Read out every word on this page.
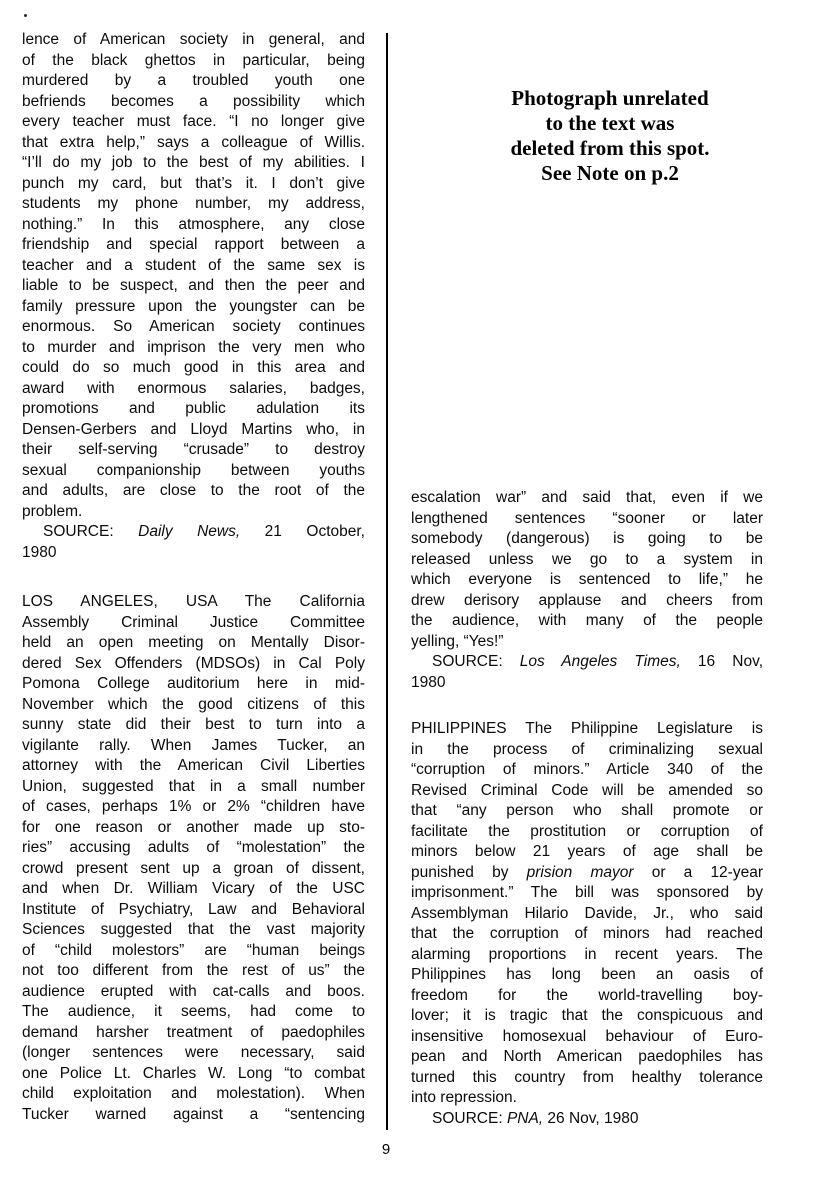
Photograph unrelated
to the text was
deleted from this spot.
See Note on p.2
lence of American society in general, and
of the black ghettos in particular, being
murdered by a troubled youth one
befriends becomes a possibility which
every teacher must face. “I no longer give
that extra help,” says a colleague of Willis.
“I’ll do my job to the best of my abilities. I
punch my card, but that’s it. I don’t give
students my phone number, my address,
nothing.” In this atmosphere, any close
friendship and special rapport between a
teacher and a student of the same sex is
liable to be suspect, and then the peer and
family pressure upon the youngster can be
enormous. So American society continues
to murder and imprison the very men who
could do so much good in this area and
award with enormous salaries, badges,
promotions and public adulation its
Densen-Gerbers and Lloyd Martins who, in
their self-serving “crusade” to destroy
sexual companionship between youths
and adults, are close to the root of the
problem.
SOURCE: Daily News, 21 October,
1980
LOS ANGELES, USA The California
Assembly Criminal Justice Committee
held an open meeting on Mentally Disor-
dered Sex Offenders (MDSOs) in Cal Poly
Pomona College auditorium here in mid-
November which the good citizens of this
sunny state did their best to turn into a
vigilante rally. When James Tucker, an
attorney with the American Civil Liberties
Union, suggested that in a small number
of cases, perhaps 1% or 2% “children have
for one reason or another made up sto-
ries” accusing adults of “molestation” the
crowd present sent up a groan of dissent,
and when Dr. William Vicary of the USC
Institute of Psychiatry, Law and Behavioral
Sciences suggested that the vast majority
of “child molestors” are “human beings
not too different from the rest of us” the
audience erupted with cat-calls and boos.
The audience, it seems, had come to
demand harsher treatment of paedophiles
(longer sentences were necessary, said
one Police Lt. Charles W. Long “to combat
child exploitation and molestation). When
Tucker warned against a “sentencing
escalation war” and said that, even if we
lengthened sentences “sooner or later
somebody (dangerous) is going to be
released unless we go to a system in
which everyone is sentenced to life,” he
drew derisory applause and cheers from
the audience, with many of the people
yelling, “Yes!”
SOURCE: Los Angeles Times, 16 Nov,
1980
PHILIPPINES The Philippine Legislature is
in the process of criminalizing sexual
“corruption of minors.” Article 340 of the
Revised Criminal Code will be amended so
that “any person who shall promote or
facilitate the prostitution or corruption of
minors below 21 years of age shall be
punished by prision mayor or a 12-year
imprisonment.” The bill was sponsored by
Assemblyman Hilario Davide, Jr., who said
that the corruption of minors had reached
alarming proportions in recent years. The
Philippines has long been an oasis of
freedom for the world-travelling boy-
lover; it is tragic that the conspicuous and
insensitive homosexual behaviour of Euro-
pean and North American paedophiles has
turned this country from healthy tolerance
into repression.
SOURCE: PNA, 26 Nov, 1980
9
